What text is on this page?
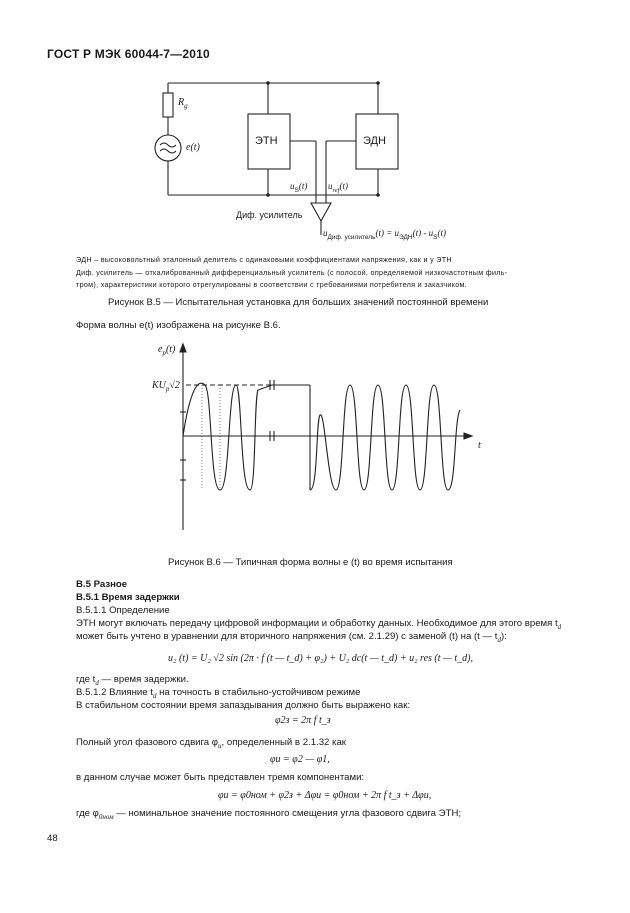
ГОСТ Р МЭК 60044-7—2010
$R_g$
e(t)
ЭТН	ЭДН
$u_S(t)$ $u_{ref}(t)$
Диф. усилитель
$u_{Диф. усилитель}(t) = u_{ЭДН}(t) - u_S(t)$
ЭДН – высоковольтный эталонный делитель с одинаковыми коэффициентами напряжения, как и у ЭТН
Диф. усилитель — откалиброванный дифференциальный усилитель (с полосой, определяемой низкочастотным филь-
тром), характеристики которого отрегулированы в соответствии с требованиями потребителя и заказчиком.
Рисунок В.5 — Испытательная установка для больших значений постоянной времени
Форма волны e(t) изображена на рисунке В.6.
$e_p(t)$
$KU_p√2$
t
Рисунок В.6 — Типичная форма волны e (t) во время испытания
В.5 Разное
В.5.1 Время задержки
В.5.1.1 Определение
ЭТН могут включать передачу цифровой информации и обработку данных. Необходимое для этого время $t_d$
может быть учтено в уравнении для вторичного напряжения (см. 2.1.29) с заменой (t) на (t — $t_d$):
u₂ (t) = U₂ √2 sin (2π · f (t — t_d) + φ₂) + U₂ dc(t — t_d) + u₂ res (t — t_d),
где $t_d$ — время задержки.
В.5.1.2 Влияние $t_d$ на точность в стабильно-устойчивом режиме
В стабильном состоянии время запаздывания должно быть выражено как:
φ2з = 2π f t_з
Полный угол фазового сдвига $\varphi_u$, определенный в 2.1.32 как
φu = φ2 — φ1,
в данном случае может быть представлен тремя компонентами:
φu = φ0ном + φ2з + Δφu = φ0ном + 2π f t_з + Δφu,
где $\varphi_{0ном}$ — номинальное значение постоянного смещения угла фазового сдвига ЭТН;
48
